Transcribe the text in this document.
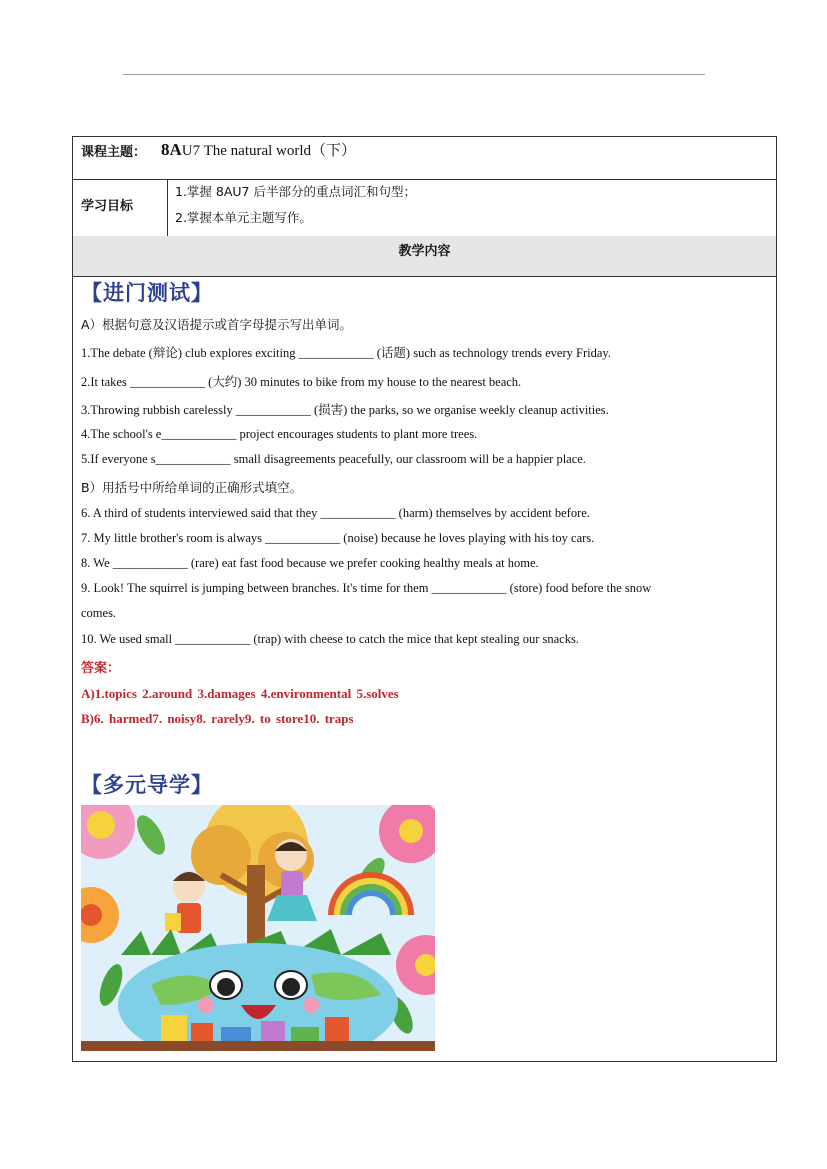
课程主题： 8AU7 The natural world（下）
学习目标
1.掌握 8AU7 后半部分的重点词汇和句型；
2.掌握本单元主题写作。
教学内容
【进门测试】
A）根据句意及汉语提示或首字母提示写出单词。
1.The debate (辩论) club explores exciting ____________ (话题) such as technology trends every Friday.
2.It takes ____________ (大约) 30 minutes to bike from my house to the nearest beach.
3.Throwing rubbish carelessly ____________ (损害) the parks, so we organise weekly cleanup activities.
4.The school's e____________ project encourages students to plant more trees.
5.If everyone s____________ small disagreements peacefully, our classroom will be a happier place.
B）用括号中所给单词的正确形式填空。
6. A third of students interviewed said that they ____________ (harm) themselves by accident before.
7. My little brother's room is always ____________ (noise) because he loves playing with his toy cars.
8. We ____________ (rare) eat fast food because we prefer cooking healthy meals at home.
9. Look! The squirrel is jumping between branches. It's time for them ____________ (store) food before the snow
comes.
10. We used small ____________ (trap) with cheese to catch the mice that kept stealing our snacks.
答案：
A)1.topics 2.around 3.damages 4.environmental 5.solves
B)6. harmed7. noisy8. rarely9. to store10. traps
【多元导学】
